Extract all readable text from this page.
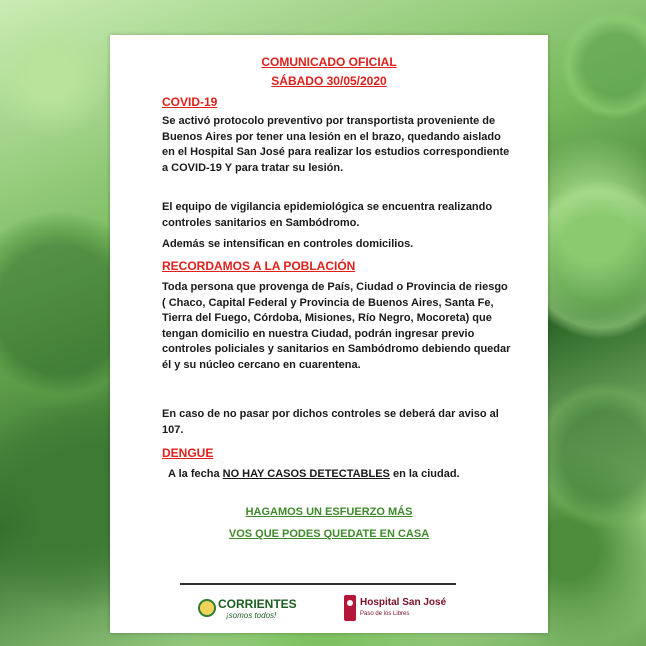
COMUNICADO OFICIAL
SÁBADO 30/05/2020
COVID-19
Se activó protocolo preventivo por transportista proveniente de Buenos Aires por tener una lesión en el brazo, quedando aislado en el Hospital San José para realizar los estudios correspondiente a COVID-19 Y para tratar su lesión.
El equipo de vigilancia epidemiológica se encuentra realizando controles sanitarios en Sambódromo.
Además se intensifican en controles domicilios.
RECORDAMOS A LA POBLACIÓN
Toda persona que provenga de País, Ciudad o Provincia de riesgo ( Chaco, Capital Federal y Provincia de Buenos Aires, Santa Fe, Tierra del Fuego, Córdoba, Misiones, Río Negro, Mocoreta) que tengan domicilio en nuestra Ciudad, podrán ingresar previo controles policiales y sanitarios en Sambódromo debiendo quedar él y su núcleo cercano en cuarentena.
En caso de no pasar por dichos controles se deberá dar aviso al 107.
DENGUE
A la fecha NO HAY CASOS DETECTABLES en la ciudad.
HAGAMOS UN ESFUERZO MÁS
VOS QUE PODES QUEDATE EN CASA
CORRIENTES
¡somos todos!
Hospital San José
Paso de los Libres
